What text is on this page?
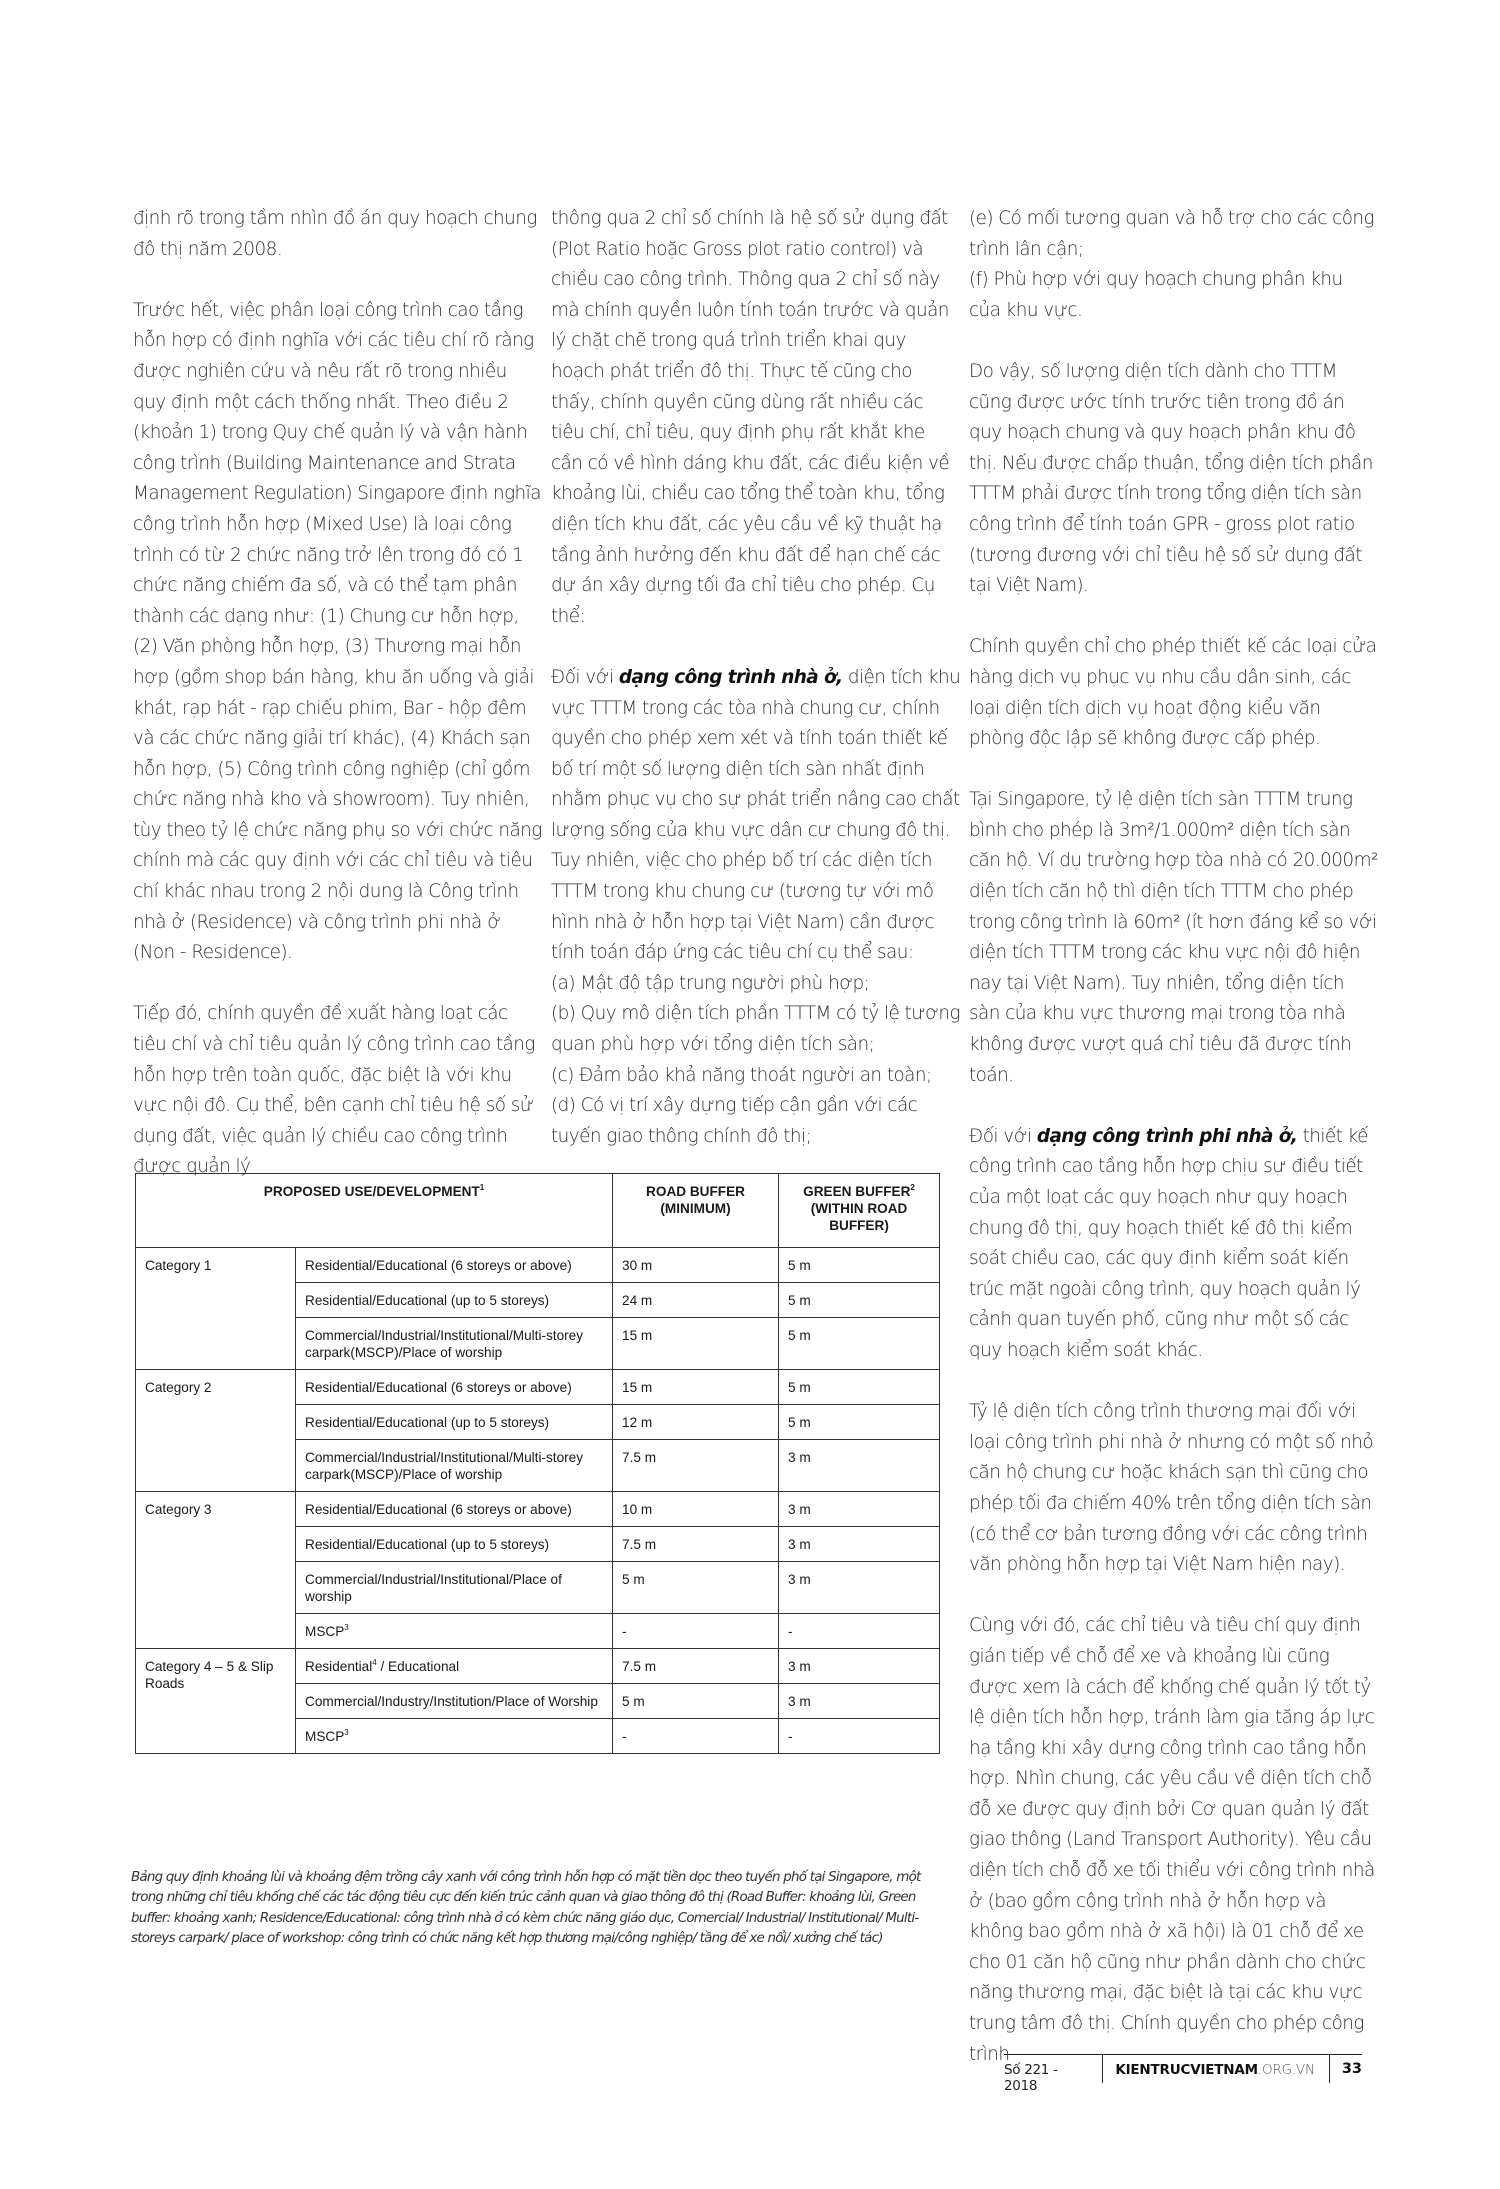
định rõ trong tầm nhìn đồ án quy hoạch chung đô thị năm 2008.

Trước hết, việc phân loại công trình cao tầng hỗn hợp có định nghĩa với các tiêu chí rõ ràng được nghiên cứu và nêu rất rõ trong nhiều quy định một cách thống nhất. Theo điều 2 (khoản 1) trong Quy chế quản lý và vận hành công trình (Building Maintenance and Strata Management Regulation) Singapore định nghĩa công trình hỗn hợp (Mixed Use) là loại công trình có từ 2 chức năng trở lên trong đó có 1 chức năng chiếm đa số, và có thể tạm phân thành các dạng như: (1) Chung cư hỗn hợp, (2) Văn phòng hỗn hợp, (3) Thương mại hỗn hợp (gồm shop bán hàng, khu ăn uống và giải khát, rạp hát - rạp chiếu phim, Bar - hộp đêm và các chức năng giải trí khác), (4) Khách sạn hỗn hợp, (5) Công trình công nghiệp (chỉ gồm chức năng nhà kho và showroom). Tuy nhiên, tùy theo tỷ lệ chức năng phụ so với chức năng chính mà các quy định với các chỉ tiêu và tiêu chí khác nhau trong 2 nội dung là Công trình nhà ở (Residence) và công trình phi nhà ở (Non - Residence).

Tiếp đó, chính quyền đề xuất hàng loạt các tiêu chí và chỉ tiêu quản lý công trình cao tầng hỗn hợp trên toàn quốc, đặc biệt là với khu vực nội đô. Cụ thể, bên cạnh chỉ tiêu hệ số sử dụng đất, việc quản lý chiều cao công trình được quản lý

thông qua 2 chỉ số chính là hệ số sử dụng đất (Plot Ratio hoặc Gross plot ratio control) và chiều cao công trình. Thông qua 2 chỉ số này mà chính quyền luôn tính toán trước và quản lý chặt chẽ trong quá trình triển khai quy hoạch phát triển đô thị. Thực tế cũng cho thấy, chính quyền cũng dùng rất nhiều các tiêu chí, chỉ tiêu, quy định phụ rất khắt khe cần có về hình dáng khu đất, các điều kiện về khoảng lùi, chiều cao tổng thể toàn khu, tổng diện tích khu đất, các yêu cầu về kỹ thuật hạ tầng ảnh hưởng đến khu đất để hạn chế các dự án xây dựng tối đa chỉ tiêu cho phép. Cụ thể:

Đối với dạng công trình nhà ở, diện tích khu vực TTTM trong các tòa nhà chung cư, chính quyền cho phép xem xét và tính toán thiết kế bố trí một số lượng diện tích sàn nhất định nhằm phục vụ cho sự phát triển nâng cao chất lượng sống của khu vực dân cư chung đô thị. Tuy nhiên, việc cho phép bố trí các diện tích TTTM trong khu chung cư (tương tự với mô hình nhà ở hỗn hợp tại Việt Nam) cần được tính toán đáp ứng các tiêu chí cụ thể sau:

(a) Mật độ tập trung người phù hợp;
(b) Quy mô diện tích phần TTTM có tỷ lệ tương quan phù hợp với tổng diện tích sàn;
(c) Đảm bảo khả năng thoát người an toàn;
(d) Có vị trí xây dựng tiếp cận gần với các tuyến giao thông chính đô thị;
(e) Có mối tương quan và hỗ trợ cho các công trình lân cận;
(f) Phù hợp với quy hoạch chung phân khu của khu vực.

Do vậy, số lượng diện tích dành cho TTTM cũng được ước tính trước tiên trong đồ án quy hoạch chung và quy hoạch phân khu đô thị. Nếu được chấp thuận, tổng diện tích phần TTTM phải được tính trong tổng diện tích sàn công trình để tính toán GPR - gross plot ratio (tương đương với chỉ tiêu hệ số sử dụng đất tại Việt Nam).

Chính quyền chỉ cho phép thiết kế các loại cửa hàng dịch vụ phục vụ nhu cầu dân sinh, các loại diện tích dịch vụ hoạt động kiểu văn phòng độc lập sẽ không được cấp phép.

Tại Singapore, tỷ lệ diện tích sàn TTTM trung bình cho phép là 3m²/1.000m² diện tích sàn căn hộ. Ví dụ trường hợp tòa nhà có 20.000m² diện tích căn hộ thì diện tích TTTM cho phép trong công trình là 60m² (ít hơn đáng kể so với diện tích TTTM trong các khu vực nội đô hiện nay tại Việt Nam). Tuy nhiên, tổng diện tích sàn của khu vực thương mại trong tòa nhà không được vượt quá chỉ tiêu đã được tính toán.

Đối với dạng công trình phi nhà ở, thiết kế công trình cao tầng hỗn hợp chịu sự điều tiết của một loạt các quy hoạch như quy hoạch chung đô thị, quy hoạch thiết kế đô thị kiểm soát chiều cao, các quy định kiểm soát kiến trúc mặt ngoài công trình, quy hoạch quản lý cảnh quan tuyến phố, cũng như một số các quy hoạch kiểm soát khác.

Tỷ lệ diện tích công trình thương mại đối với loại công trình phi nhà ở nhưng có một số nhỏ căn hộ chung cư hoặc khách sạn thì cũng cho phép tối đa chiếm 40% trên tổng diện tích sàn (có thể cơ bản tương đồng với các công trình văn phòng hỗn hợp tại Việt Nam hiện nay).

Cùng với đó, các chỉ tiêu và tiêu chí quy định gián tiếp về chỗ để xe và khoảng lùi cũng được xem là cách để khống chế quản lý tốt tỷ lệ diện tích hỗn hợp, tránh làm gia tăng áp lực hạ tầng khi xây dựng công trình cao tầng hỗn hợp. Nhìn chung, các yêu cầu về diện tích chỗ đỗ xe được quy định bởi Cơ quan quản lý đất giao thông (Land Transport Authority). Yêu cầu diện tích chỗ đỗ xe tối thiểu với công trình nhà ở (bao gồm công trình nhà ở hỗn hợp và không bao gồm nhà ở xã hội) là 01 chỗ để xe cho 01 căn hộ cũng như phần dành cho chức năng thương mại, đặc biệt là tại các khu vực trung tâm đô thị. Chính quyền cho phép công trình

PROPOSED USE/DEVELOPMENT$^1$		ROAD BUFFER (MINIMUM)	GREEN BUFFER$^2$ (WITHIN ROAD BUFFER)
Category 1	Residential/Educational (6 storeys or above)	30 m	5 m
	Residential/Educational (up to 5 storeys)	24 m	5 m
	Commercial/Industrial/Institutional/Multi-storey carpark(MSCP)/Place of worship	15 m	5 m
Category 2	Residential/Educational (6 storeys or above)	15 m	5 m
	Residential/Educational (up to 5 storeys)	12 m	5 m
	Commercial/Industrial/Institutional/Multi-storey carpark(MSCP)/Place of worship	7.5 m	3 m
Category 3	Residential/Educational (6 storeys or above)	10 m	3 m
	Residential/Educational (up to 5 storeys)	7.5 m	3 m
	Commercial/Industrial/Institutional/Place of worship	5 m	3 m
	MSCP$^3$	-	-
Category 4 – 5 & Slip Roads	Residential$^4$ / Educational	7.5 m	3 m
	Commercial/Industry/Institution/Place of Worship	5 m	3 m
	MSCP$^3$	-	-
Bảng quy định khoảng lùi và khoảng đệm trồng cây xanh với công trình hỗn hợp có mặt tiền dọc theo tuyến phố tại Singapore, một trong những chỉ tiêu khống chế các tác động tiêu cực đến kiến trúc cảnh quan và giao thông đô thị (Road Buffer: khoảng lùi, Green buffer: khoảng xanh; Residence/Educational: công trình nhà ở có kèm chức năng giáo dục, Comercial/ Industrial/ Institutional/ Multi-storeys carpark/ place of workshop: công trình có chức năng kết hợp thương mại/công nghiệp/ tầng để xe nổi/ xưởng chế tác)
Số 221 - 2018
KIENTRUCVIETNAM.ORG.VN	33
